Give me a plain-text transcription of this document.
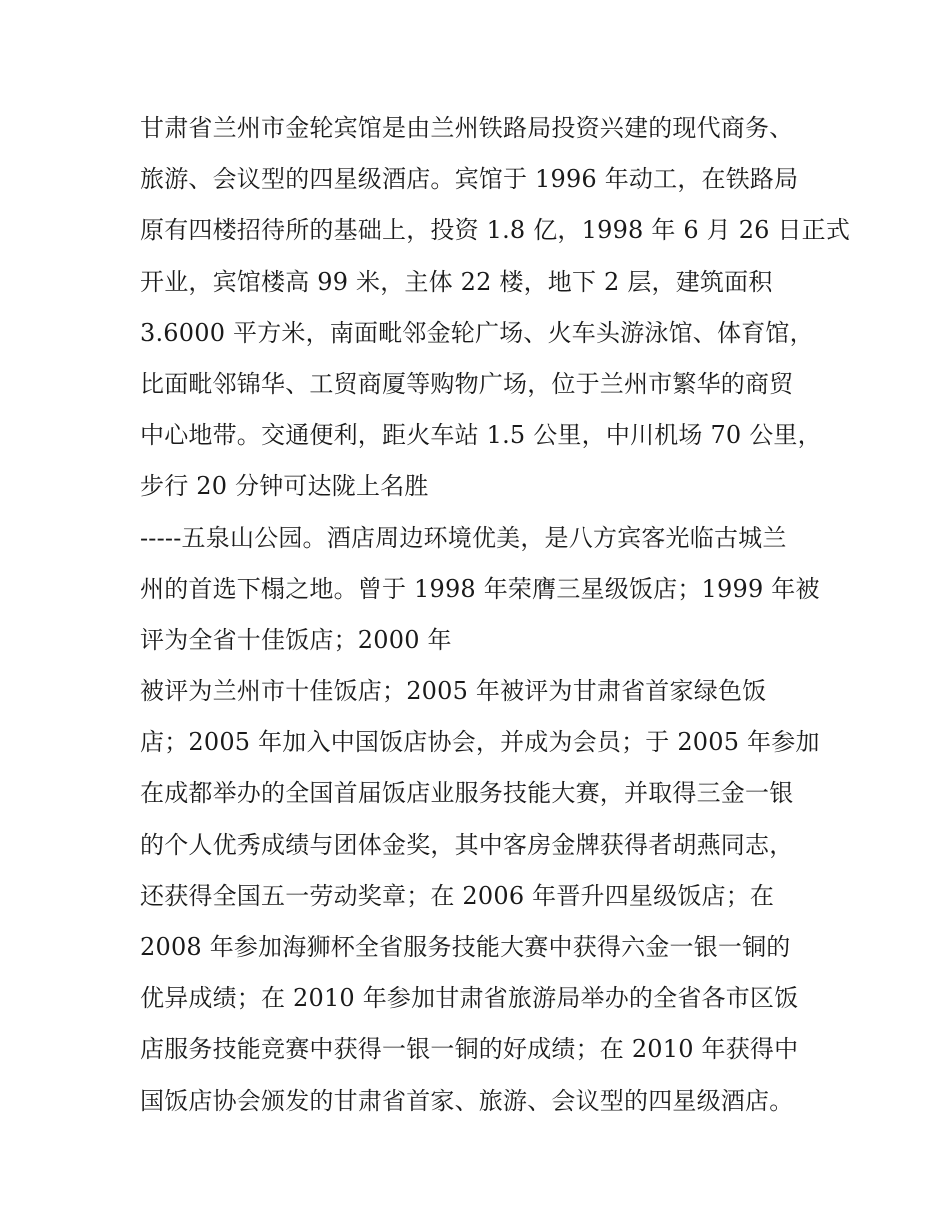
甘肃省兰州市金轮宾馆是由兰州铁路局投资兴建的现代商务、
旅游、会议型的四星级酒店。宾馆于 1996 年动工，在铁路局
原有四楼招待所的基础上，投资 1.8 亿，1998 年 6 月 26 日正式
开业，宾馆楼高 99 米，主体 22 楼，地下 2 层，建筑面积
3.6000 平方米，南面毗邻金轮广场、火车头游泳馆、体育馆，
比面毗邻锦华、工贸商厦等购物广场，位于兰州市繁华的商贸
中心地带。交通便利，距火车站 1.5 公里，中川机场 70 公里，
步行 20 分钟可达陇上名胜
-----五泉山公园。酒店周边环境优美，是八方宾客光临古城兰
州的首选下榻之地。曾于 1998 年荣膺三星级饭店；1999 年被
评为全省十佳饭店；2000 年
被评为兰州市十佳饭店；2005 年被评为甘肃省首家绿色饭
店；2005 年加入中国饭店协会，并成为会员；于 2005 年参加
在成都举办的全国首届饭店业服务技能大赛，并取得三金一银
的个人优秀成绩与团体金奖，其中客房金牌获得者胡燕同志，
还获得全国五一劳动奖章；在 2006 年晋升四星级饭店；在
2008 年参加海狮杯全省服务技能大赛中获得六金一银一铜的
优异成绩；在 2010 年参加甘肃省旅游局举办的全省各市区饭
店服务技能竞赛中获得一银一铜的好成绩；在 2010 年获得中
国饭店协会颁发的甘肃省首家、旅游、会议型的四星级酒店。
